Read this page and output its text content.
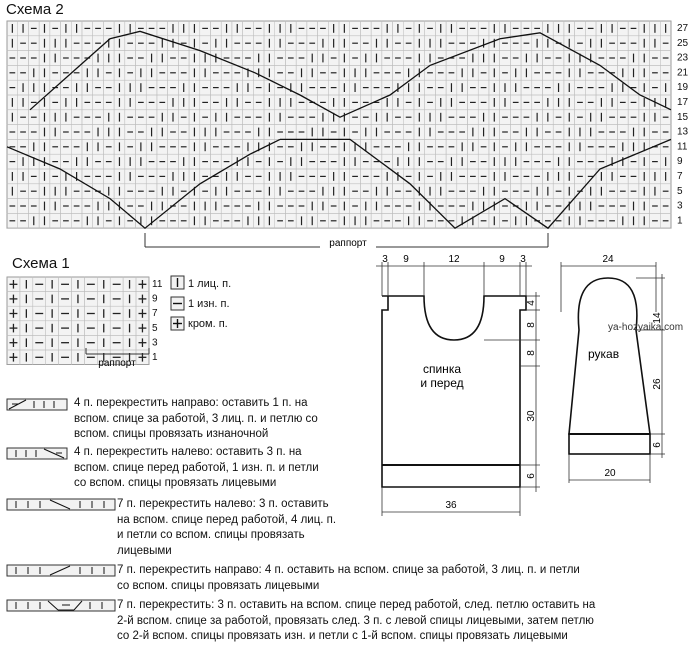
Схема 2
27
25
23
21
19
17
15
13
11
9
7
5
3
1
раппорт
Схема 1
11
9
7
5
3
1
раппорт
1 лиц. п.
1 изн. п.
кром. п.
4 п. перекрестить направо: оставить 1 п. на
вспом. спице за работой, 3 лиц. п. и петлю со
вспом. спицы провязать изнаночной
4 п. перекрестить налево: оставить 3 п. на
вспом. спице перед работой, 1 изн. п. и петли
со вспом. спицы провязать лицевыми
7 п. перекрестить налево: 3 п. оставить
на вспом. спице перед работой, 4 лиц. п.
и петли со вспом. спицы провязать
лицевыми
7 п. перекрестить направо: 4 п. оставить на вспом. спице за работой, 3 лиц. п. и петли
со вспом. спицы провязать лицевыми
7 п. перекрестить: 3 п. оставить на вспом. спице перед работой, след. петлю оставить на
2-й вспом. спице за работой, провязать след. 3 п. с левой спицы лицевыми, затем петлю
со 2-й вспом. спицы провязать изн. и петли с 1-й вспом. спицы провязать лицевыми
3 9	12	9 3
4
8
8
30
6
36
спинка
и перед
24
14
26
6
20
рукав
ya-hozyaika.com
